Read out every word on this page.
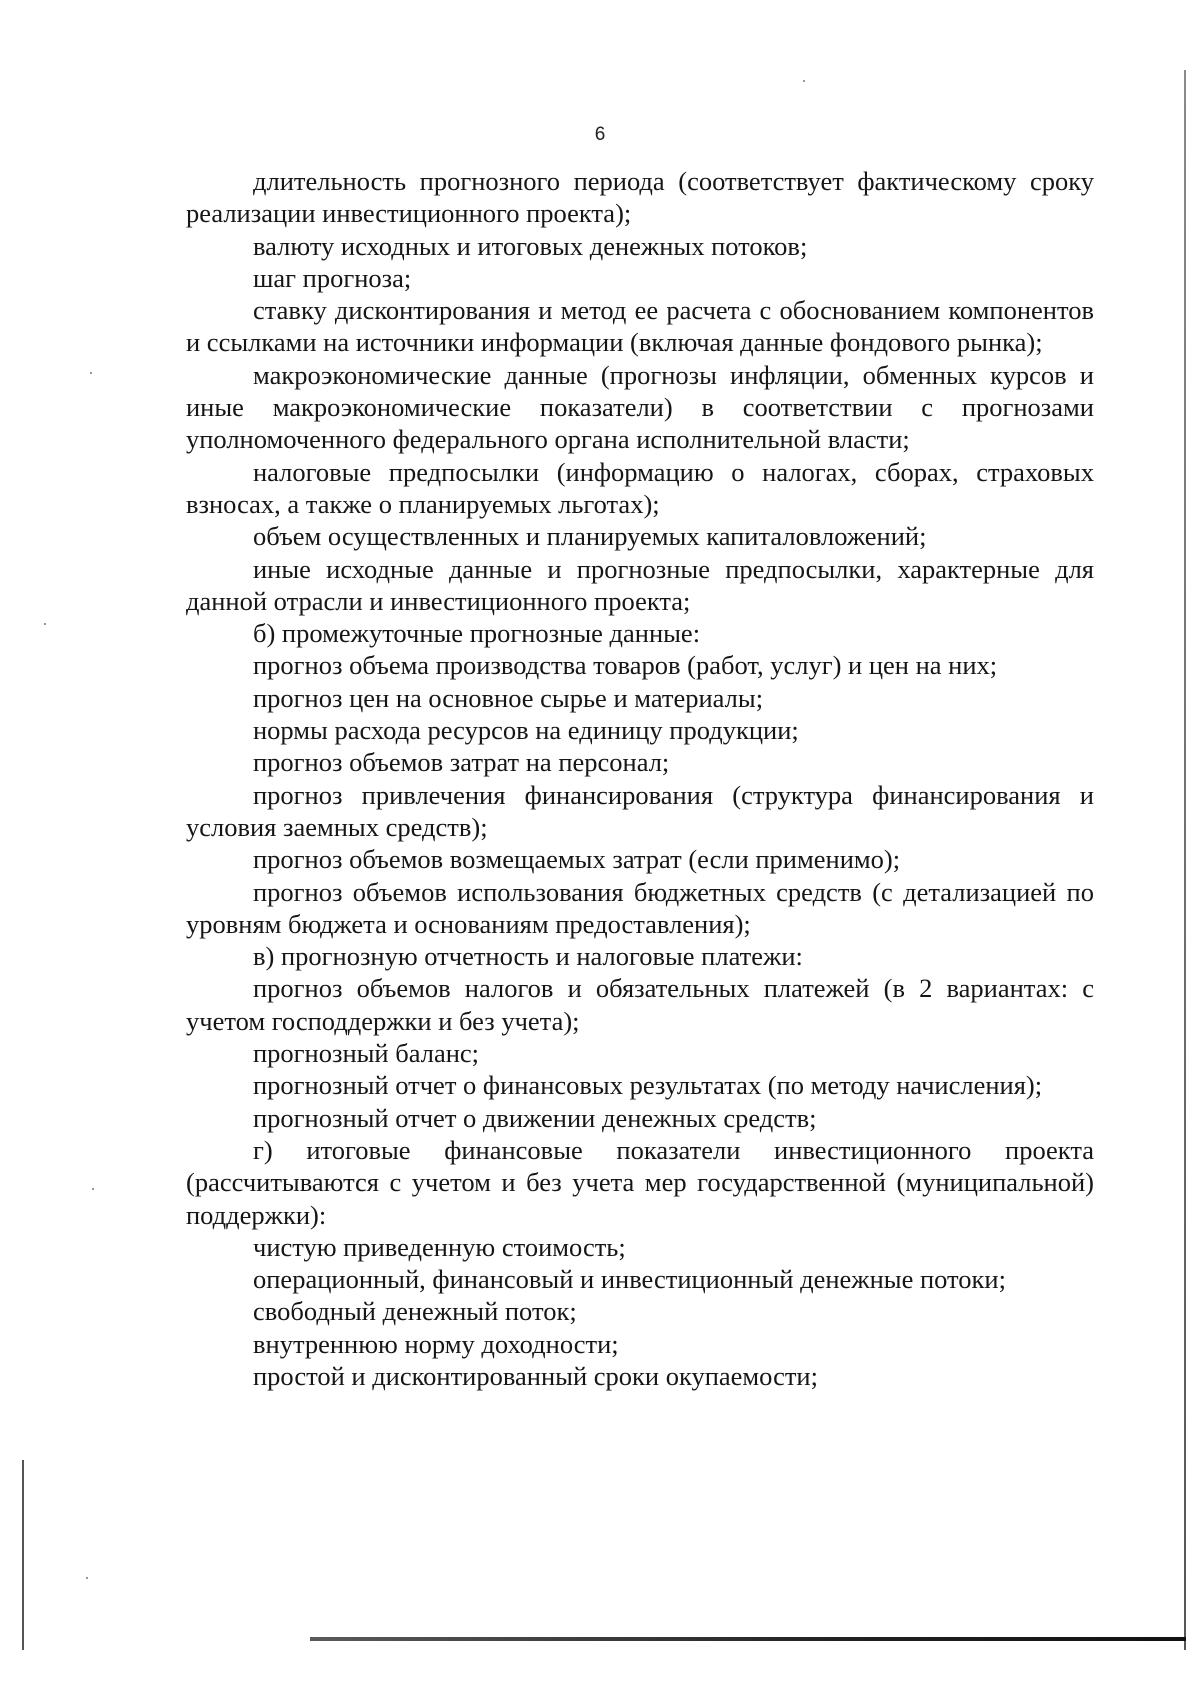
6

длительность прогнозного периода (соответствует фактическому сроку реализации инвестиционного проекта);

валюту исходных и итоговых денежных потоков;

шаг прогноза;

ставку дисконтирования и метод ее расчета с обоснованием компонентов и ссылками на источники информации (включая данные фондового рынка);

макроэкономические данные (прогнозы инфляции, обменных курсов и иные макроэкономические показатели) в соответствии с прогнозами уполномоченного федерального органа исполнительной власти;

налоговые предпосылки (информацию о налогах, сборах, страховых взносах, а также о планируемых льготах);

объем осуществленных и планируемых капиталовложений;

иные исходные данные и прогнозные предпосылки, характерные для данной отрасли и инвестиционного проекта;

б) промежуточные прогнозные данные:

прогноз объема производства товаров (работ, услуг) и цен на них;

прогноз цен на основное сырье и материалы;

нормы расхода ресурсов на единицу продукции;

прогноз объемов затрат на персонал;

прогноз привлечения финансирования (структура финансирования и условия заемных средств);

прогноз объемов возмещаемых затрат (если применимо);

прогноз объемов использования бюджетных средств (с детализацией по уровням бюджета и основаниям предоставления);

в) прогнозную отчетность и налоговые платежи:

прогноз объемов налогов и обязательных платежей (в 2 вариантах: с учетом господдержки и без учета);

прогнозный баланс;

прогнозный отчет о финансовых результатах (по методу начисления);

прогнозный отчет о движении денежных средств;

г) итоговые финансовые показатели инвестиционного проекта (рассчитываются с учетом и без учета мер государственной (муниципальной) поддержки):

чистую приведенную стоимость;

операционный, финансовый и инвестиционный денежные потоки;

свободный денежный поток;

внутреннюю норму доходности;

простой и дисконтированный сроки окупаемости;
